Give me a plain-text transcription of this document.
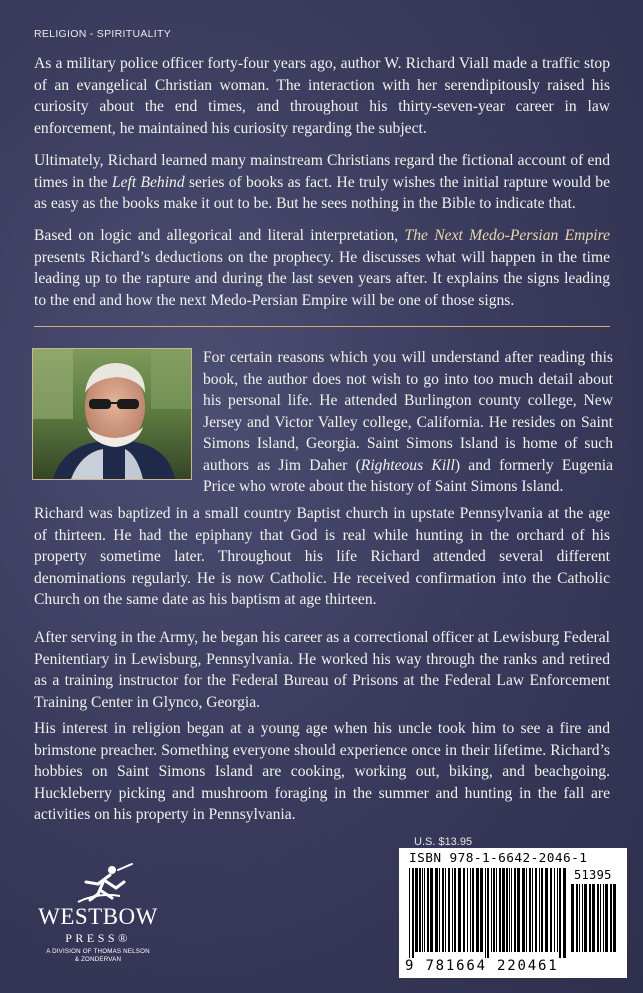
RELIGION - SPIRITUALITY

As a military police officer forty-four years ago, author W. Richard Viall made a traffic stop of an evangelical Christian woman. The interaction with her serendipitously raised his curiosity about the end times, and throughout his thirty-seven-year career in law enforcement, he maintained his curiosity regarding the subject.

Ultimately, Richard learned many mainstream Christians regard the fictional account of end times in the Left Behind series of books as fact. He truly wishes the initial rapture would be as easy as the books make it out to be. But he sees nothing in the Bible to indicate that.

Based on logic and allegorical and literal interpretation, The Next Medo-Persian Empire presents Richard’s deductions on the prophecy. He discusses what will happen in the time leading up to the rapture and during the last seven years after. It explains the signs leading to the end and how the next Medo-Persian Empire will be one of those signs.

For certain reasons which you will understand after reading this book, the author does not wish to go into too much detail about his personal life. He attended Burlington county college, New Jersey and Victor Valley college, California. He resides on Saint Simons Island, Georgia. Saint Simons Island is home of such authors as Jim Daher (Righteous Kill) and formerly Eugenia Price who wrote about the history of Saint Simons Island.

Richard was baptized in a small country Baptist church in upstate Pennsylvania at the age of thirteen. He had the epiphany that God is real while hunting in the orchard of his property sometime later. Throughout his life Richard attended several different denominations regularly. He is now Catholic. He received confirmation into the Catholic Church on the same date as his baptism at age thirteen.

After serving in the Army, he began his career as a correctional officer at Lewisburg Federal Penitentiary in Lewisburg, Pennsylvania. He worked his way through the ranks and retired as a training instructor for the Federal Bureau of Prisons at the Federal Law Enforcement Training Center in Glynco, Georgia.

His interest in religion began at a young age when his uncle took him to see a fire and brimstone preacher. Something everyone should experience once in their lifetime. Richard’s hobbies on Saint Simons Island are cooking, working out, biking, and beachgoing. Huckleberry picking and mushroom foraging in the summer and hunting in the fall are activities on his property in Pennsylvania.

WESTBOW
PRESS®
A DIVISION OF THOMAS NELSON
& ZONDERVAN
U.S. $13.95
ISBN 978-1-6642-2046-1
51395
9 781664 220461
